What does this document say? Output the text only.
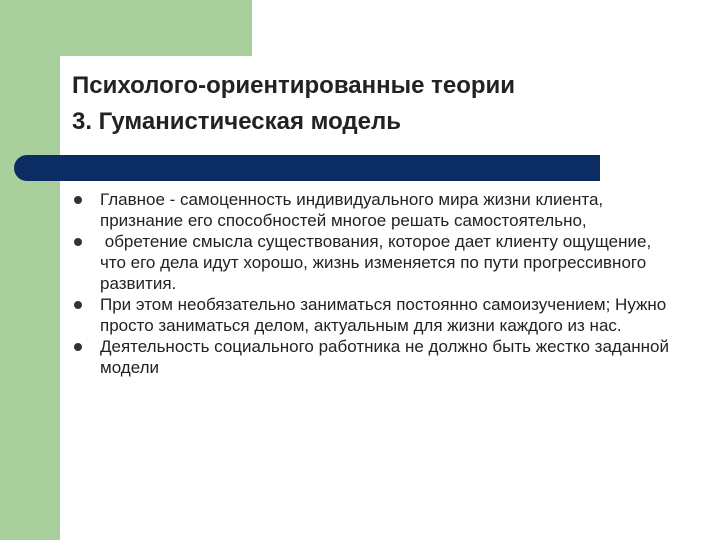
Психолого-ориентированные теории
3. Гуманистическая модель
Главное - самоценность индивидуального мира жизни клиента, признание его способностей многое решать самостоятельно,
обретение смысла существования, которое дает клиенту ощущение, что его дела идут хорошо, жизнь изменяется по пути прогрессивного развития.
При этом необязательно заниматься постоянно самоизучением; Нужно просто заниматься делом, актуальным для жизни каждого из нас.
Деятельность социального работника не должно быть жестко заданной модели
